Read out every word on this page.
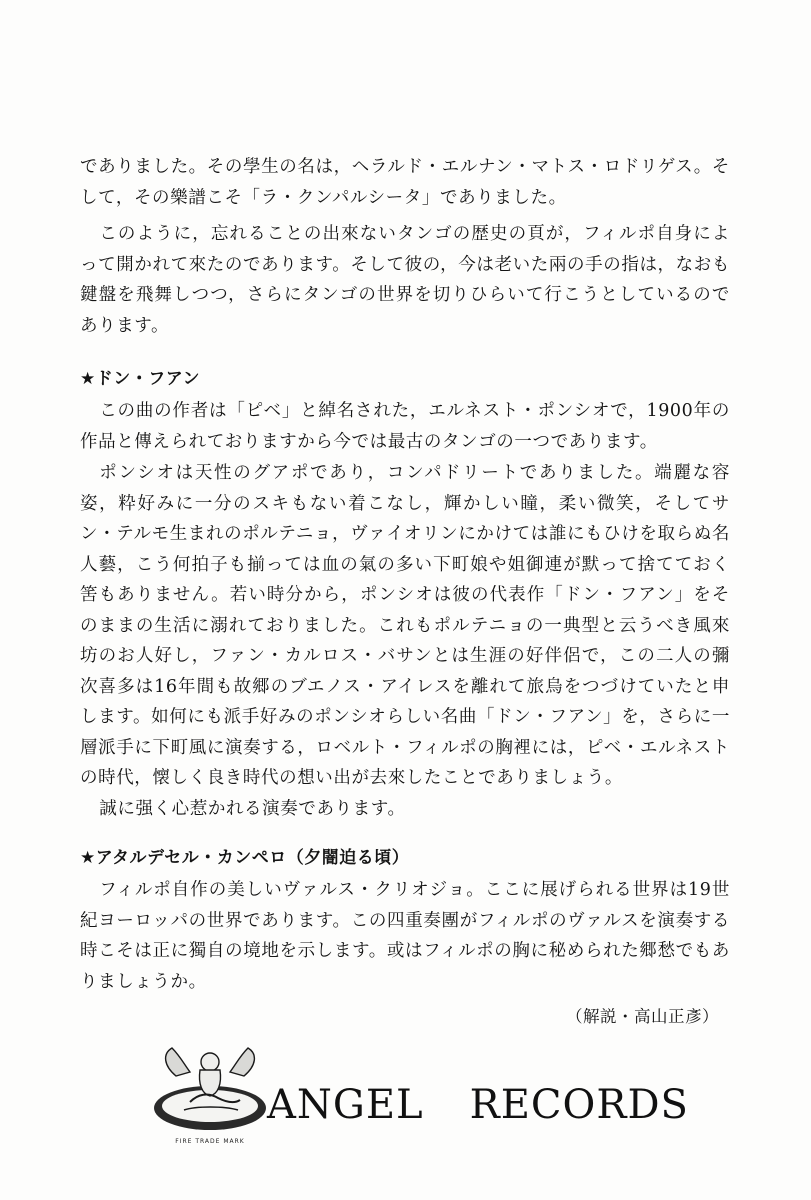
でありました。その學生の名は，ヘラルド・エルナン・マトス・ロドリゲス。そして，その樂譜こそ「ラ・クンパルシータ」でありました。

このように，忘れることの出來ないタンゴの歴史の頁が，フィルポ自身によって開かれて來たのであります。そして彼の，今は老いた兩の手の指は，なおも鍵盤を飛舞しつつ，さらにタンゴの世界を切りひらいて行こうとしているのであります。

★ドン・フアン

この曲の作者は「ピベ」と綽名された，エルネスト・ポンシオで，1900年の作品と傳えられておりますから今では最古のタンゴの一つであります。

ポンシオは天性のグアポであり，コンパドリートでありました。端麗な容姿，粋好みに一分のスキもない着こなし，輝かしい瞳，柔い微笑，そしてサン・テルモ生まれのポルテニョ，ヴァイオリンにかけては誰にもひけを取らぬ名人藝，こう何拍子も揃っては血の氣の多い下町娘や姐御連が默って捨てておく筈もありません。若い時分から，ポンシオは彼の代表作「ドン・フアン」をそのままの生活に溺れておりました。これもポルテニョの一典型と云うべき風來坊のお人好し，ファン・カルロス・バサンとは生涯の好伴侶で，この二人の彌次喜多は16年間も故郷のブエノス・アイレスを離れて旅烏をつづけていたと申します。如何にも派手好みのポンシオらしい名曲「ドン・フアン」を，さらに一層派手に下町風に演奏する，ロベルト・フィルポの胸裡には，ピベ・エルネストの時代，懐しく良き時代の想い出が去來したことでありましょう。

誠に强く心惹かれる演奏であります。

★アタルデセル・カンペロ（夕闇迫る頃）

フィルポ自作の美しいヴァルス・クリオジョ。ここに展げられる世界は19世紀ヨーロッパの世界であります。この四重奏團がフィルポのヴァルスを演奏する時こそは正に獨自の境地を示します。或はフィルポの胸に秘められた郷愁でもありましょうか。

（解説・高山正彥）
FIRE TRADE MARK
ANGEL RECORDS
